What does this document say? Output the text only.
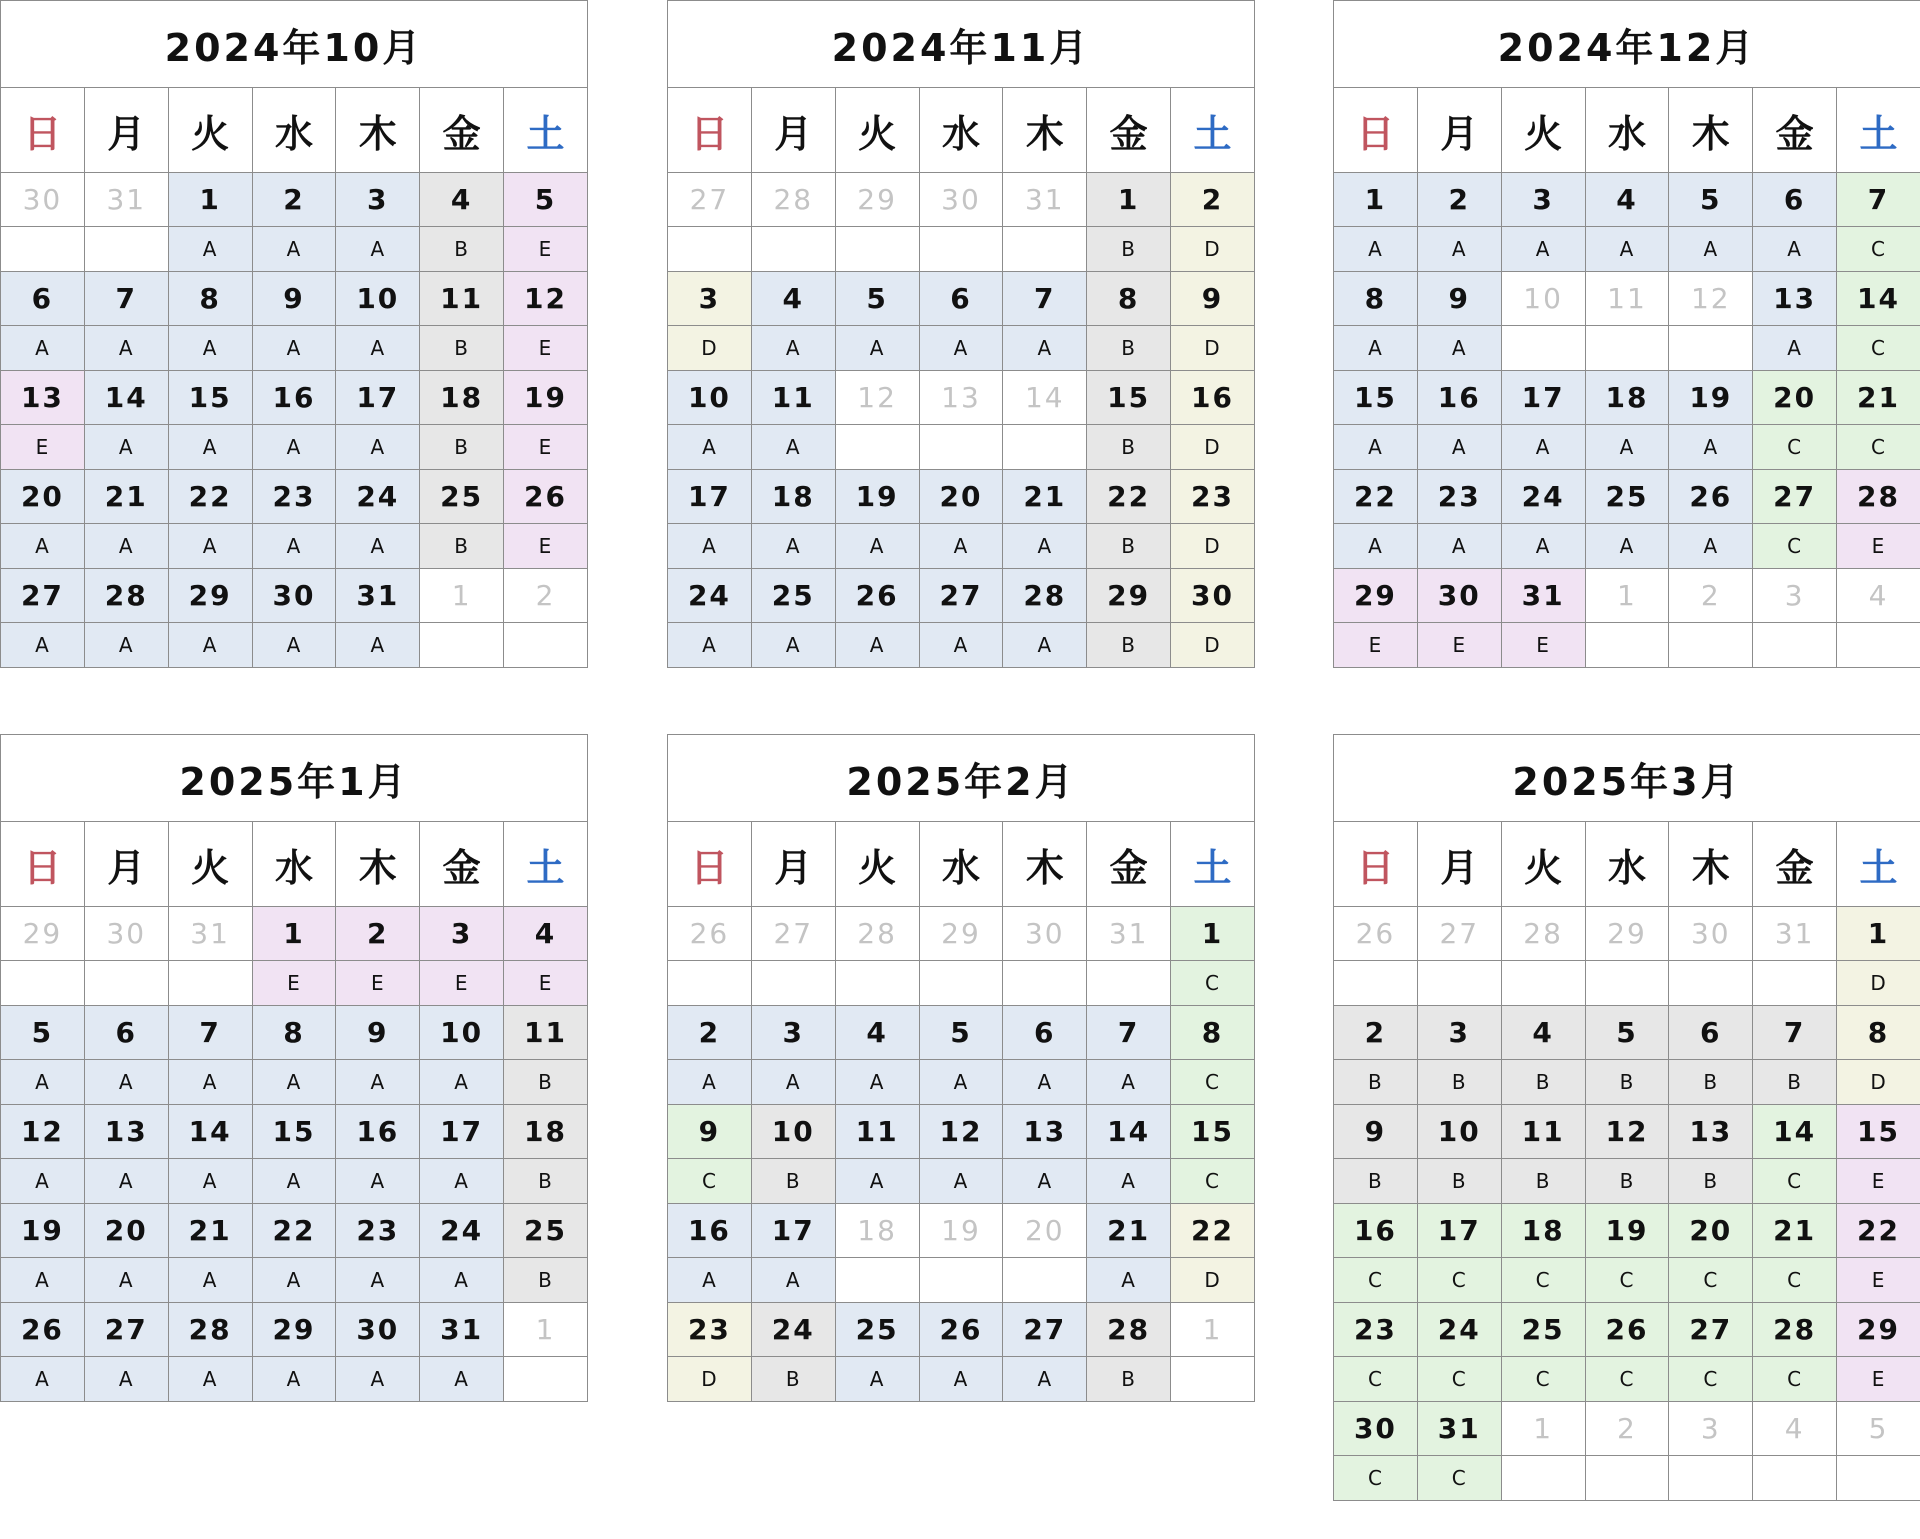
2024年10月						
日	月	火	水	木	金	土
30	31	1	2	3	4	5
		A	A	A	B	E
6	7	8	9	10	11	12
A	A	A	A	A	B	E
13	14	15	16	17	18	19
E	A	A	A	A	B	E
20	21	22	23	24	25	26
A	A	A	A	A	B	E
27	28	29	30	31	1	2
A	A	A	A	A		
2024年11月						
日	月	火	水	木	金	土
27	28	29	30	31	1	2
					B	D
3	4	5	6	7	8	9
D	A	A	A	A	B	D
10	11	12	13	14	15	16
A	A				B	D
17	18	19	20	21	22	23
A	A	A	A	A	B	D
24	25	26	27	28	29	30
A	A	A	A	A	B	D
2024年12月						
日	月	火	水	木	金	土
1	2	3	4	5	6	7
A	A	A	A	A	A	C
8	9	10	11	12	13	14
A	A				A	C
15	16	17	18	19	20	21
A	A	A	A	A	C	C
22	23	24	25	26	27	28
A	A	A	A	A	C	E
29	30	31	1	2	3	4
E	E	E				
2025年1月						
日	月	火	水	木	金	土
29	30	31	1	2	3	4
			E	E	E	E
5	6	7	8	9	10	11
A	A	A	A	A	A	B
12	13	14	15	16	17	18
A	A	A	A	A	A	B
19	20	21	22	23	24	25
A	A	A	A	A	A	B
26	27	28	29	30	31	1
A	A	A	A	A	A	
2025年2月						
日	月	火	水	木	金	土
26	27	28	29	30	31	1
						C
2	3	4	5	6	7	8
A	A	A	A	A	A	C
9	10	11	12	13	14	15
C	B	A	A	A	A	C
16	17	18	19	20	21	22
A	A				A	D
23	24	25	26	27	28	1
D	B	A	A	A	B	
2025年3月						
日	月	火	水	木	金	土
26	27	28	29	30	31	1
						D
2	3	4	5	6	7	8
B	B	B	B	B	B	D
9	10	11	12	13	14	15
B	B	B	B	B	C	E
16	17	18	19	20	21	22
C	C	C	C	C	C	E
23	24	25	26	27	28	29
C	C	C	C	C	C	E
30	31	1	2	3	4	5
C	C					
